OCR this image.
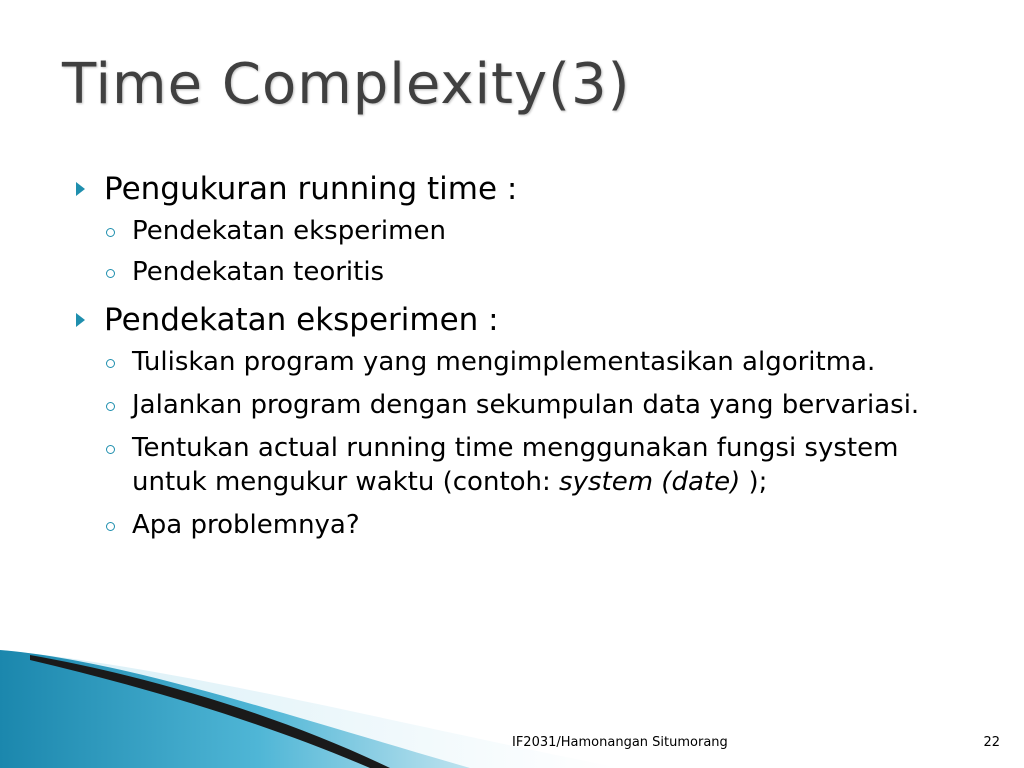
Time Complexity(3)
Pengukuran running time :
Pendekatan eksperimen
Pendekatan teoritis
Pendekatan eksperimen :
Tuliskan program yang mengimplementasikan algoritma.
Jalankan program dengan sekumpulan data yang bervariasi.
Tentukan actual running time menggunakan fungsi system untuk mengukur waktu (contoh: system (date) );
Apa problemnya?
IF2031/Hamonangan Situmorang	22
